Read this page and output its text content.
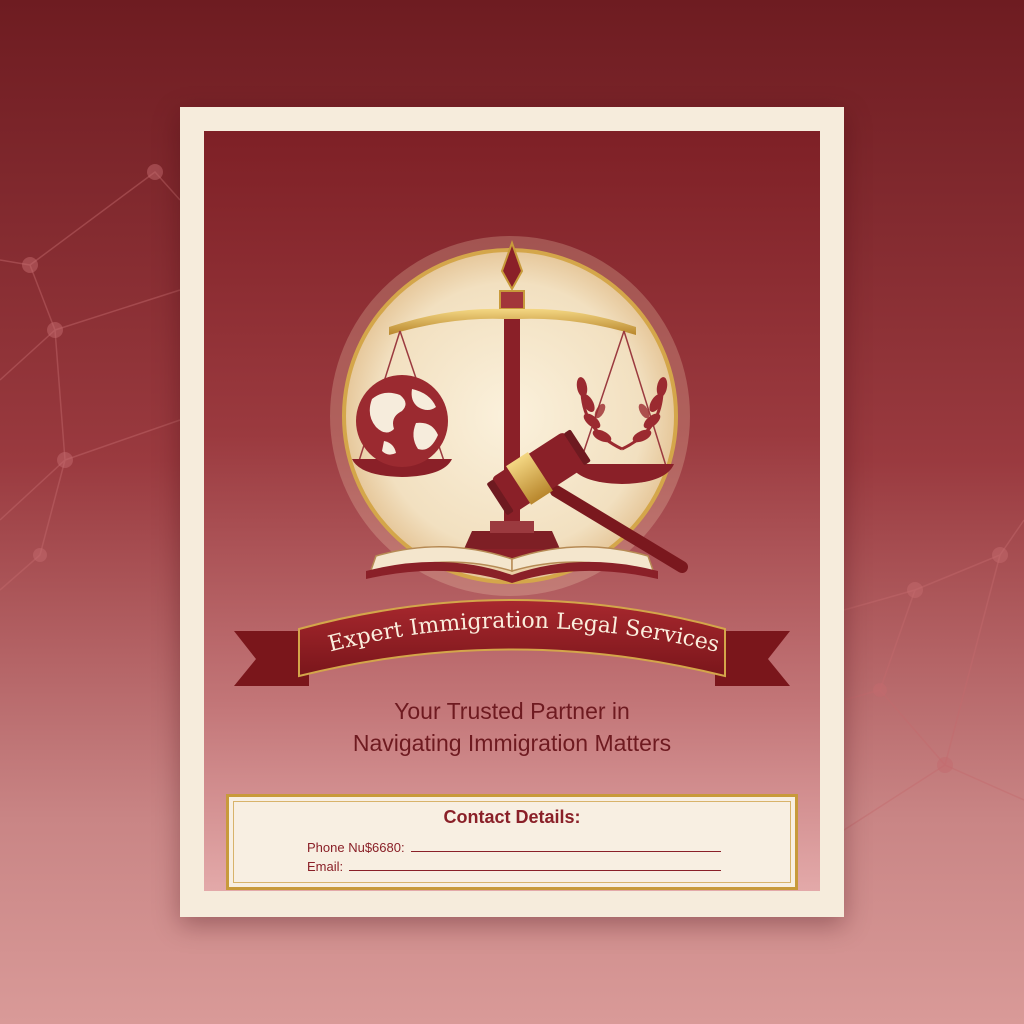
Expert Immigration Legal Services
Your Trusted Partner in
Navigating Immigration Matters
Contact Details:
Phone Nu$6680:
Email:
